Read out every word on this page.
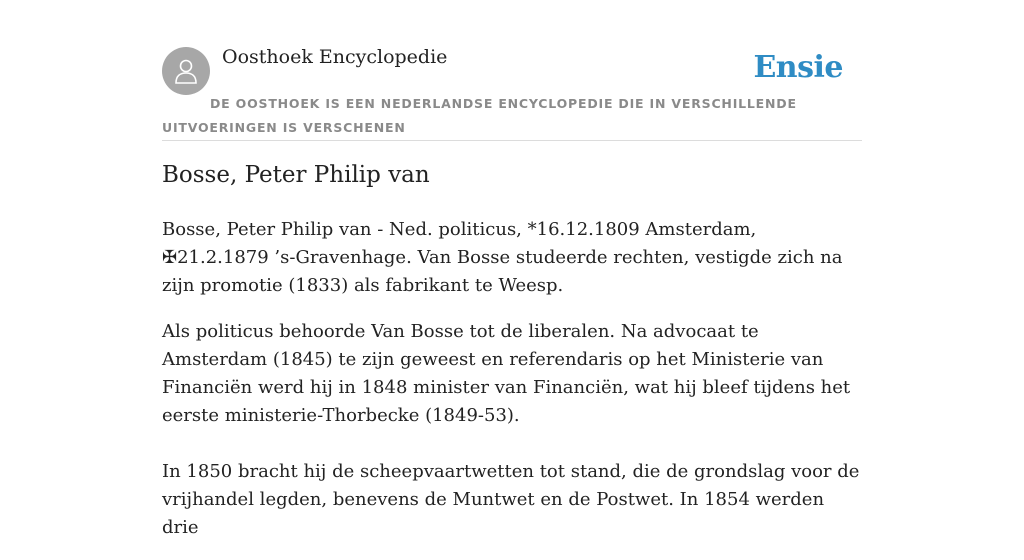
Oosthoek Encyclopedie	Ensie
DE OOSTHOEK IS EEN NEDERLANDSE ENCYCLOPEDIE DIE IN VERSCHILLENDE UITVOERINGEN IS VERSCHENEN
Bosse, Peter Philip van

Bosse, Peter Philip van - Ned. politicus, *16.12.1809 Amsterdam, ✠21.2.1879 ’s-Gravenhage. Van Bosse studeerde rechten, vestigde zich na zijn promotie (1833) als fabrikant te Weesp.

Als politicus behoorde Van Bosse tot de liberalen. Na advocaat te Amsterdam (1845) te zijn geweest en referendaris op het Ministerie van Financiën werd hij in 1848 minister van Financiën, wat hij bleef tijdens het eerste ministerie-Thorbecke (1849-53).

In 1850 bracht hij de scheepvaartwetten tot stand, die de grondslag voor de vrijhandel legden, benevens de Muntwet en de Postwet. In 1854 werden drie
